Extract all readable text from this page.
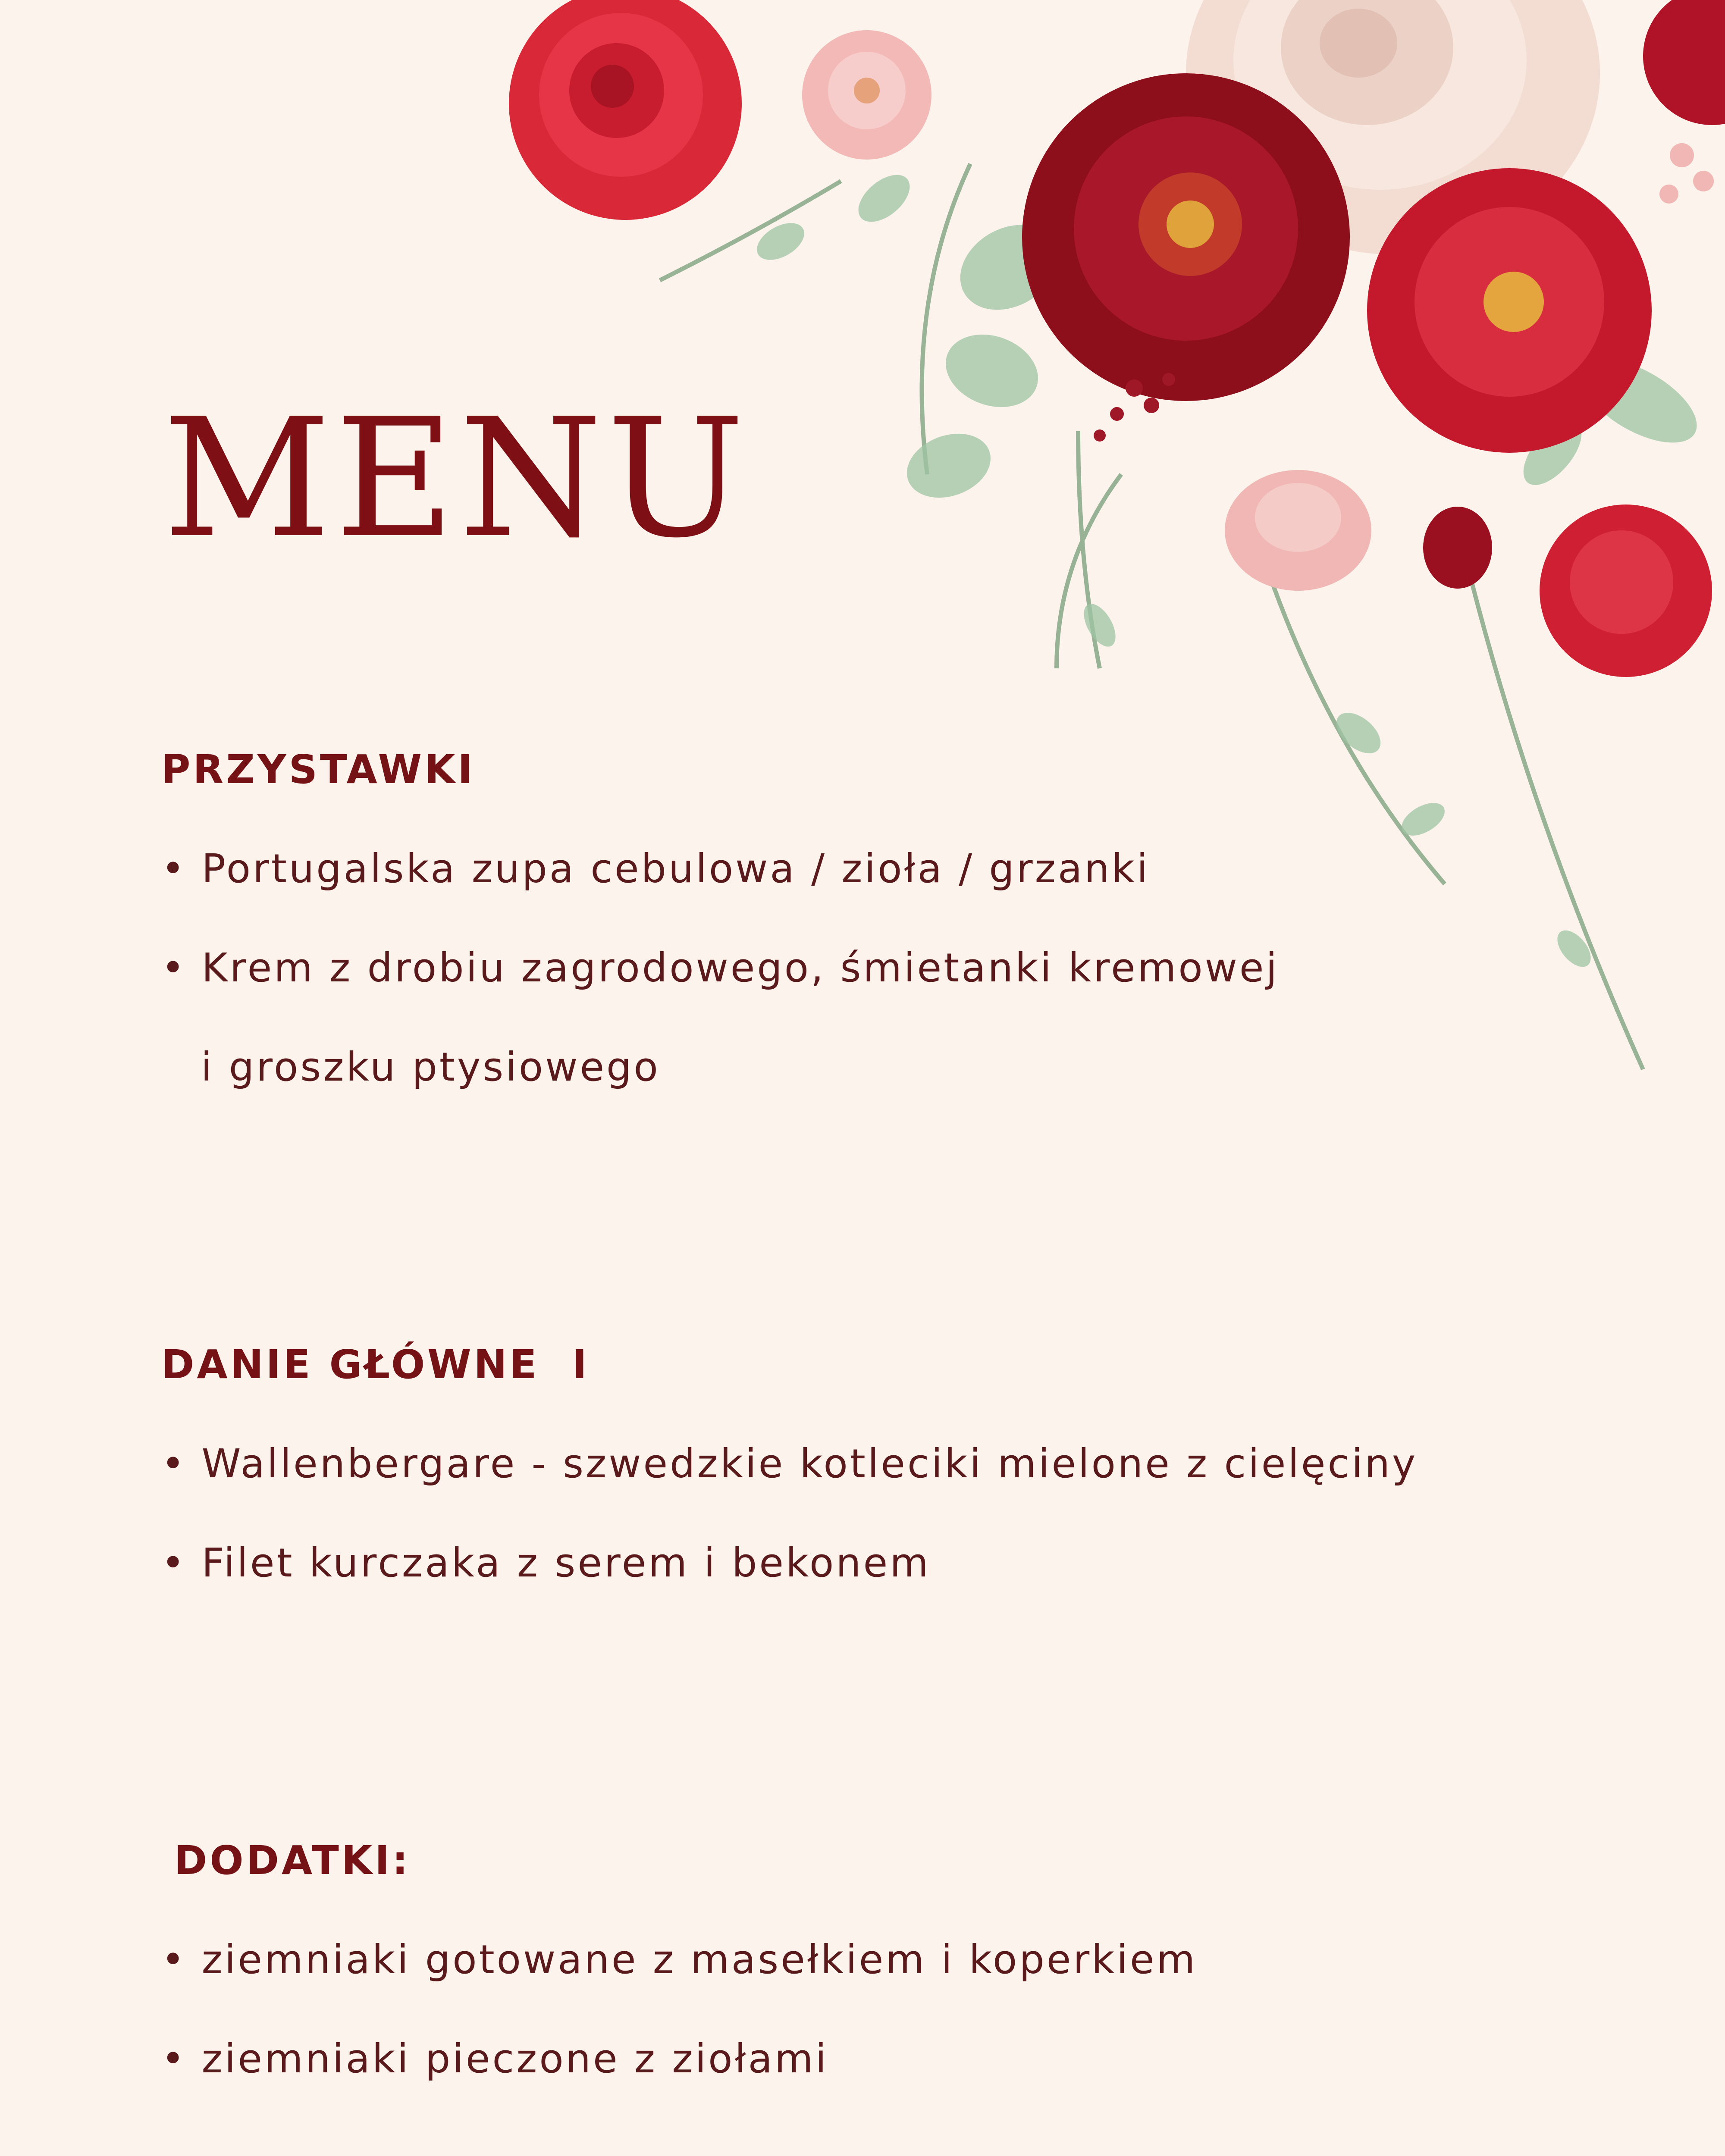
MENU
PRZYSTAWKI
• Portugalska zupa cebulowa / zioła / grzanki
• Krem z drobiu zagrodowego, śmietanki kremowej
i groszku ptysiowego
DANIE GŁÓWNE  I
• Wallenbergare - szwedzkie kotleciki mielone z cielęciny
• Filet kurczaka z serem i bekonem
DODATKI:
• ziemniaki gotowane z masełkiem i koperkiem
• ziemniaki pieczone z ziołami
